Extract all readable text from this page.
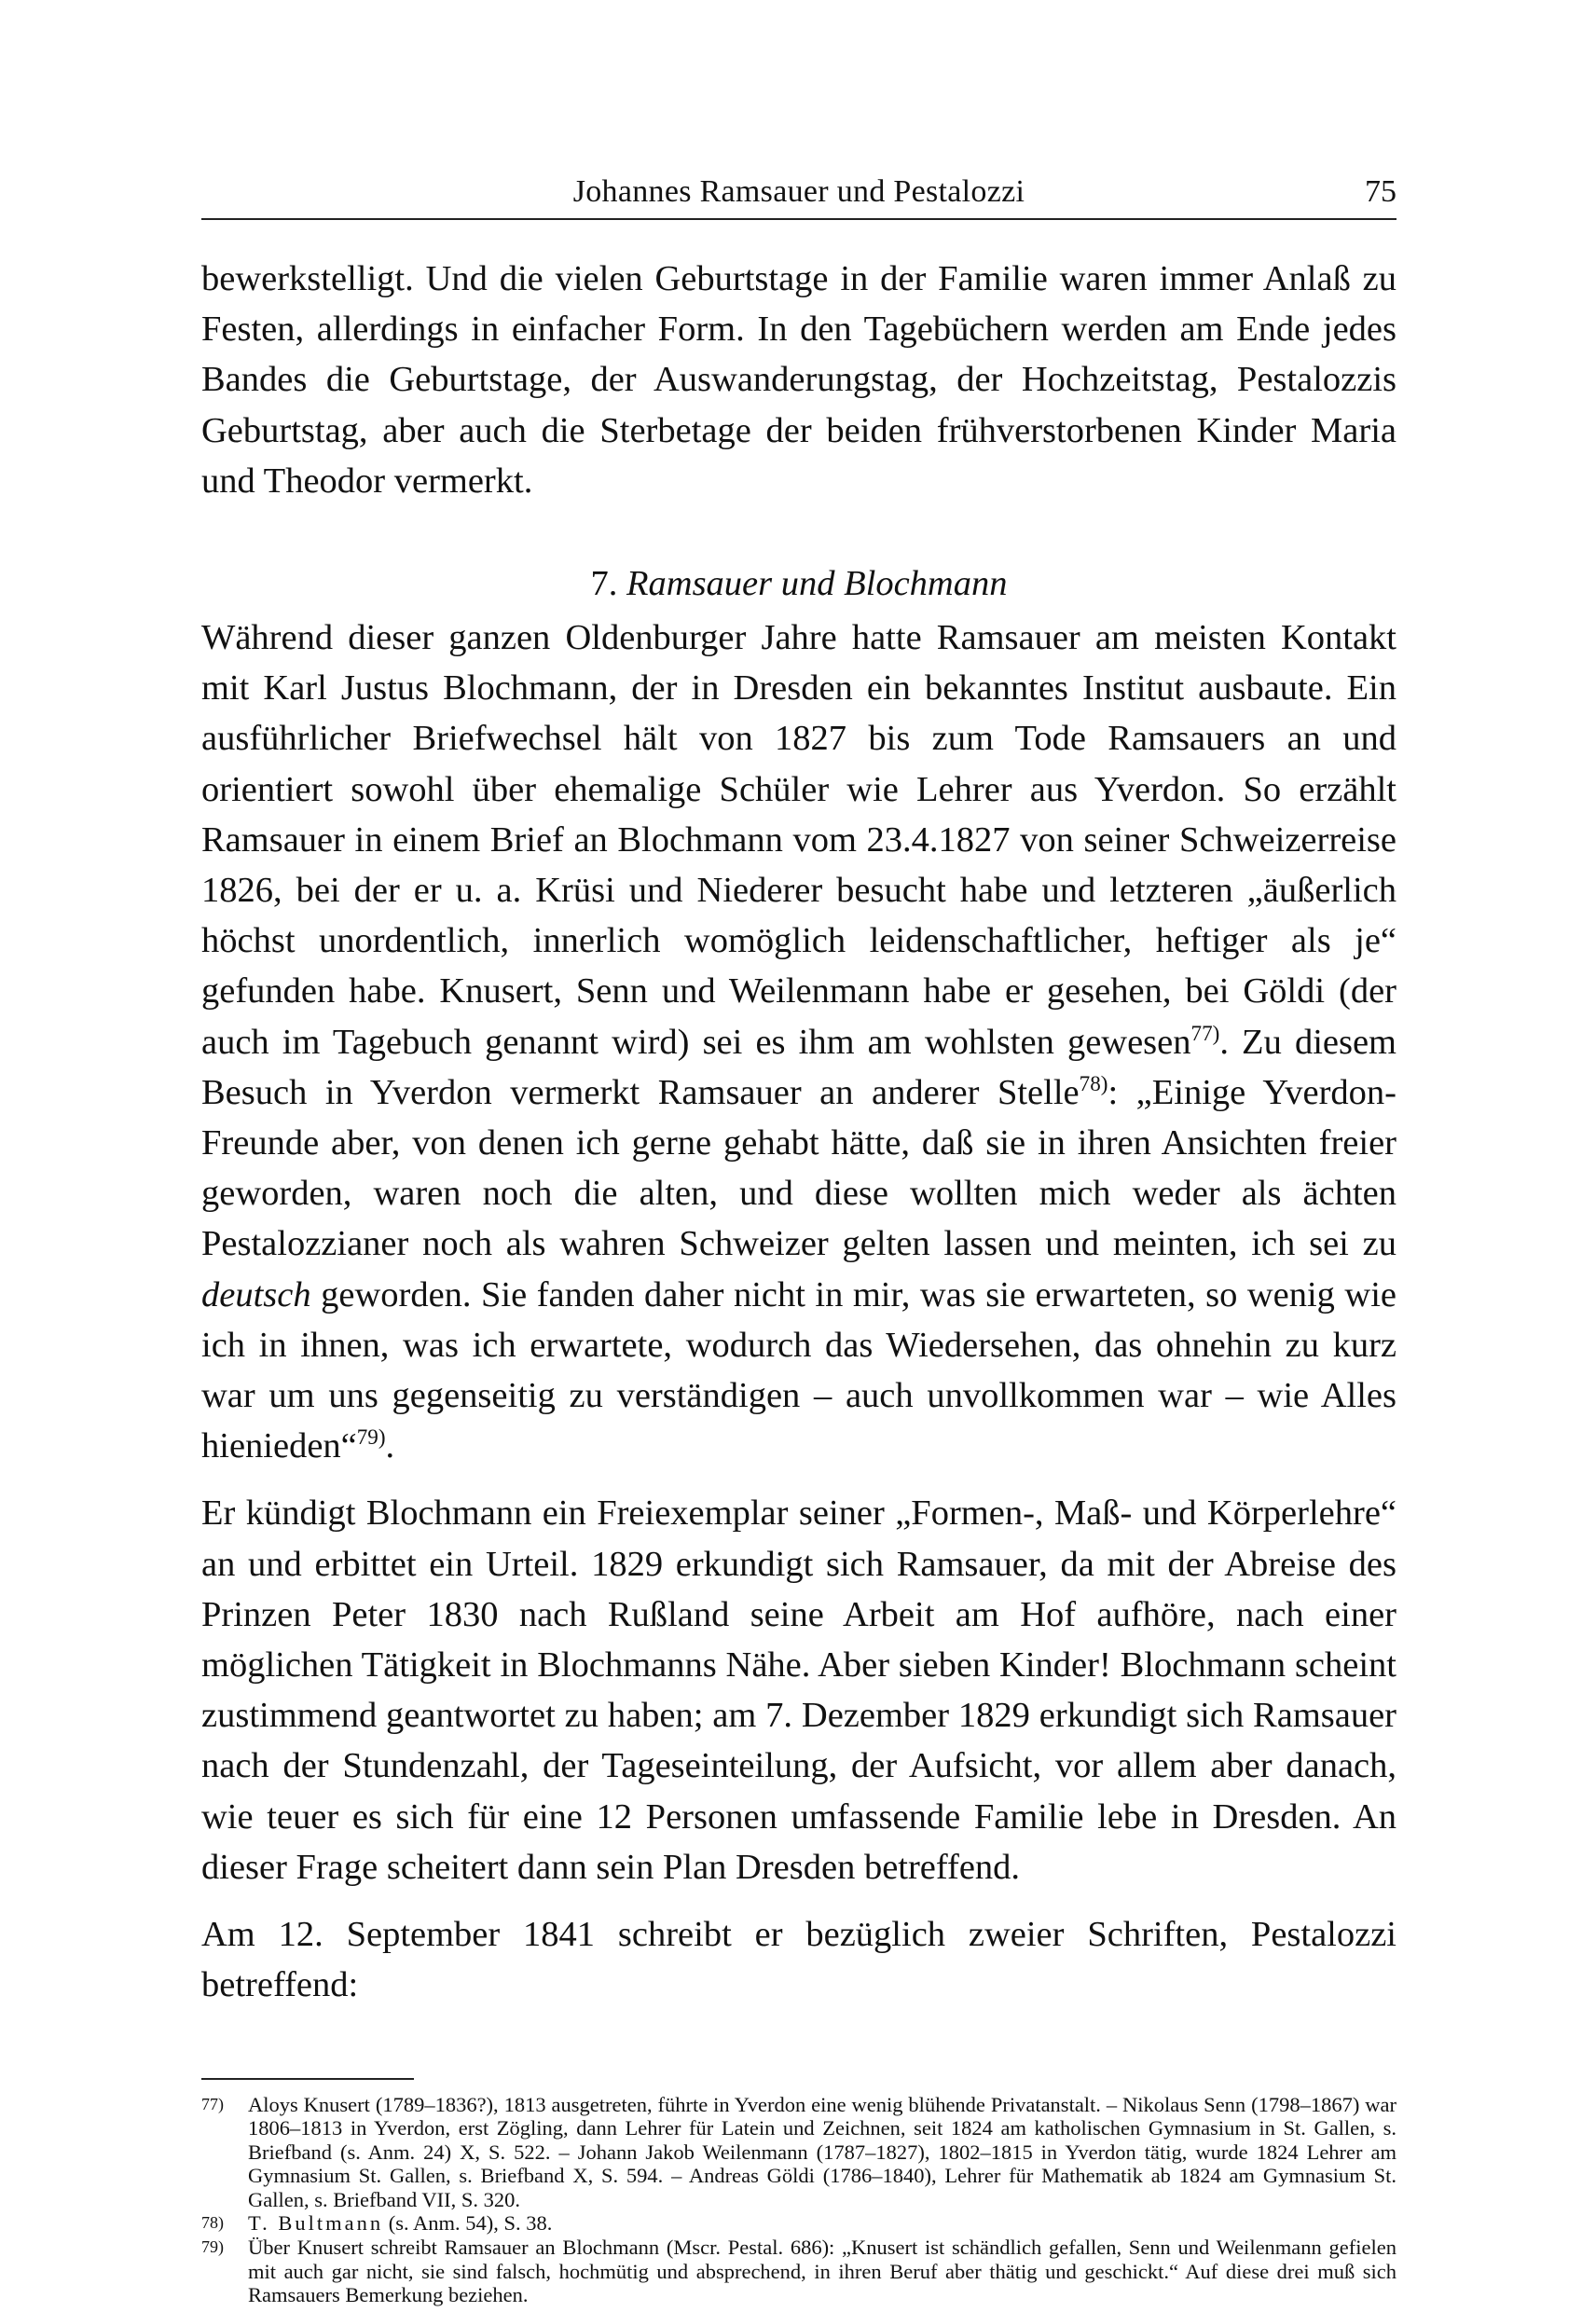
Johannes Ramsauer und Pestalozzi	75

bewerkstelligt. Und die vielen Geburtstage in der Familie waren immer Anlaß zu Festen, allerdings in einfacher Form. In den Tagebüchern werden am Ende jedes Bandes die Geburtstage, der Auswanderungstag, der Hochzeitstag, Pestalozzis Geburtstag, aber auch die Sterbetage der beiden frühverstorbenen Kinder Maria und Theodor vermerkt.

7. Ramsauer und Blochmann

Während dieser ganzen Oldenburger Jahre hatte Ramsauer am meisten Kontakt mit Karl Justus Blochmann, der in Dresden ein bekanntes Institut ausbaute. Ein ausführlicher Briefwechsel hält von 1827 bis zum Tode Ramsauers an und orientiert sowohl über ehemalige Schüler wie Lehrer aus Yverdon. So erzählt Ramsauer in einem Brief an Blochmann vom 23.4.1827 von seiner Schweizerreise 1826, bei der er u. a. Krüsi und Niederer besucht habe und letzteren „äußerlich höchst unordentlich, innerlich womöglich leidenschaftlicher, heftiger als je“ gefunden habe. Knusert, Senn und Weilenmann habe er gesehen, bei Göldi (der auch im Tagebuch genannt wird) sei es ihm am wohlsten gewesen$^{77)}$. Zu diesem Besuch in Yverdon vermerkt Ramsauer an anderer Stelle$^{78)}$: „Einige Yverdon-Freunde aber, von denen ich gerne gehabt hätte, daß sie in ihren Ansichten freier geworden, waren noch die alten, und diese wollten mich weder als ächten Pestalozzianer noch als wahren Schweizer gelten lassen und meinten, ich sei zu deutsch geworden. Sie fanden daher nicht in mir, was sie erwarteten, so wenig wie ich in ihnen, was ich erwartete, wodurch das Wiedersehen, das ohnehin zu kurz war um uns gegenseitig zu verständigen – auch unvollkommen war – wie Alles hienieden“$^{79)}$.

Er kündigt Blochmann ein Freiexemplar seiner „Formen-, Maß- und Körperlehre“ an und erbittet ein Urteil. 1829 erkundigt sich Ramsauer, da mit der Abreise des Prinzen Peter 1830 nach Rußland seine Arbeit am Hof aufhöre, nach einer möglichen Tätigkeit in Blochmanns Nähe. Aber sieben Kinder! Blochmann scheint zustimmend geantwortet zu haben; am 7. Dezember 1829 erkundigt sich Ramsauer nach der Stundenzahl, der Tageseinteilung, der Aufsicht, vor allem aber danach, wie teuer es sich für eine 12 Personen umfassende Familie lebe in Dresden. An dieser Frage scheitert dann sein Plan Dresden betreffend.

Am 12. September 1841 schreibt er bezüglich zweier Schriften, Pestalozzi betreffend:

77) Aloys Knusert (1789–1836?), 1813 ausgetreten, führte in Yverdon eine wenig blühende Privatanstalt. – Nikolaus Senn (1798–1867) war 1806–1813 in Yverdon, erst Zögling, dann Lehrer für Latein und Zeichnen, seit 1824 am katholischen Gymnasium in St. Gallen, s. Briefband (s. Anm. 24) X, S. 522. – Johann Jakob Weilenmann (1787–1827), 1802–1815 in Yverdon tätig, wurde 1824 Lehrer am Gymnasium St. Gallen, s. Briefband X, S. 594. – Andreas Göldi (1786–1840), Lehrer für Mathematik ab 1824 am Gymnasium St. Gallen, s. Briefband VII, S. 320.
78) T. Bultmann (s. Anm. 54), S. 38.
79) Über Knusert schreibt Ramsauer an Blochmann (Mscr. Pestal. 686): „Knusert ist schändlich gefallen, Senn und Weilenmann gefielen mit auch gar nicht, sie sind falsch, hochmütig und absprechend, in ihren Beruf aber thätig und geschickt.“ Auf diese drei muß sich Ramsauers Bemerkung beziehen.
